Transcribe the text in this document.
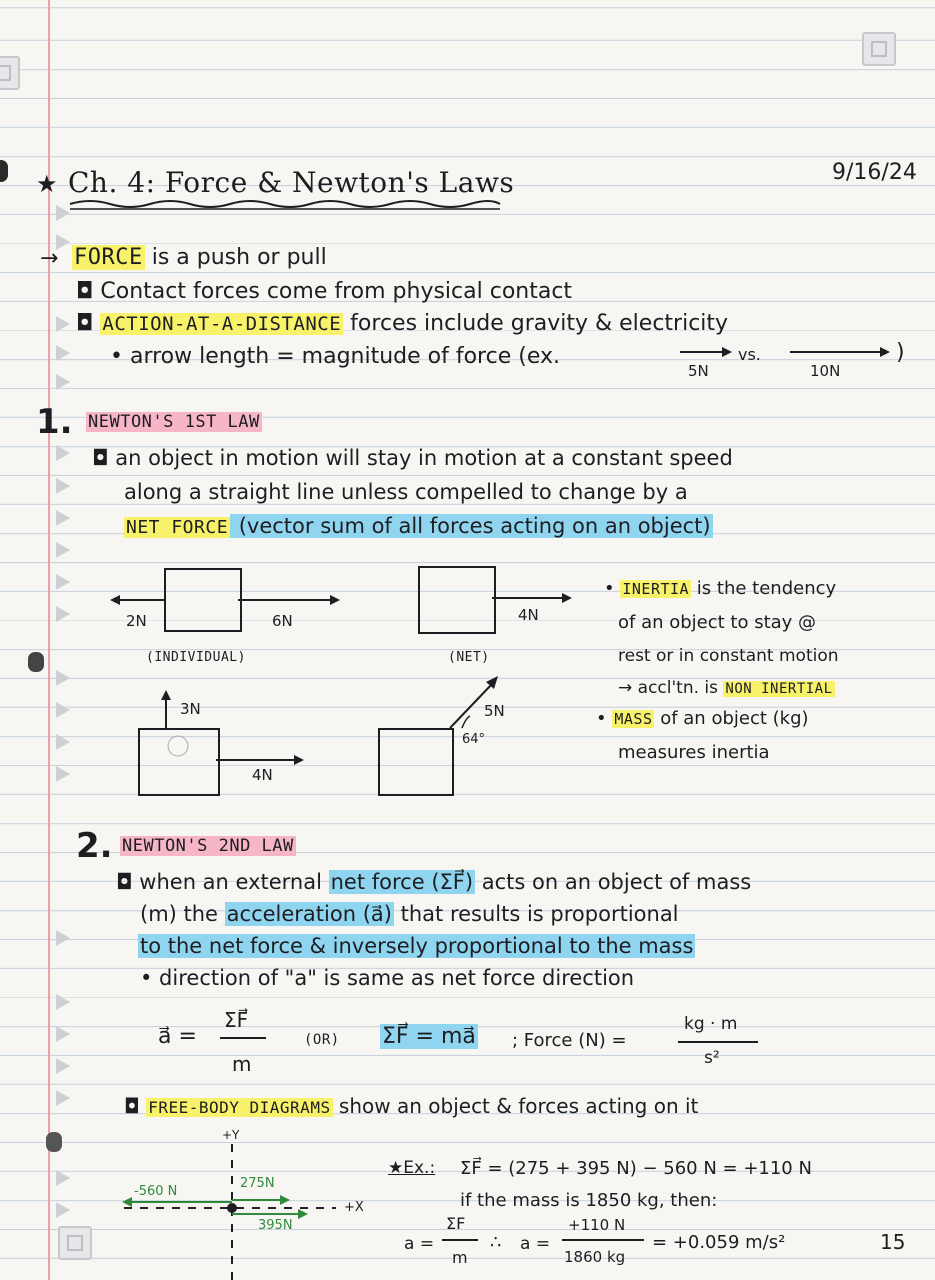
★ Ch. 4: Force & Newton's Laws	9/16/24
→ FORCE is a push or pull
◘ Contact forces come from physical contact
◘ ACTION-AT-A-DISTANCE forces include gravity & electricity
• arrow length = magnitude of force (ex.	vs.	)
5N	10N
1. NEWTON'S 1ST LAW
◘ an object in motion will stay in motion at a constant speed
along a straight line unless compelled to change by a
NET FORCE (vector sum of all forces acting on an object)
2N	6N
(INDIVIDUAL)
4N
(NET)
3N
4N
5N
64°
• INERTIA is the tendency
of an object to stay @
rest or in constant motion
→ accl'tn. is NON INERTIAL
• MASS of an object (kg)
measures inertia
2. NEWTON'S 2ND LAW
◘ when an external net force (ΣF⃗) acts on an object of mass
(m) the acceleration (a⃗) that results is proportional
to the net force & inversely proportional to the mass
• direction of "a" is same as net force direction
a⃗ =
ΣF⃗
m
(OR) ΣF⃗ = ma⃗ ; Force (N) =
kg · m
s²
◘ FREE-BODY DIAGRAMS show an object & forces acting on it
+Y
+X
-560 N
275N
395N
★Ex.: ΣF⃗ = (275 + 395 N) − 560 N = +110 N
if the mass is 1850 kg, then:
a =
ΣF
m
∴ a =
+110 N
1860 kg
= +0.059 m/s²	15
